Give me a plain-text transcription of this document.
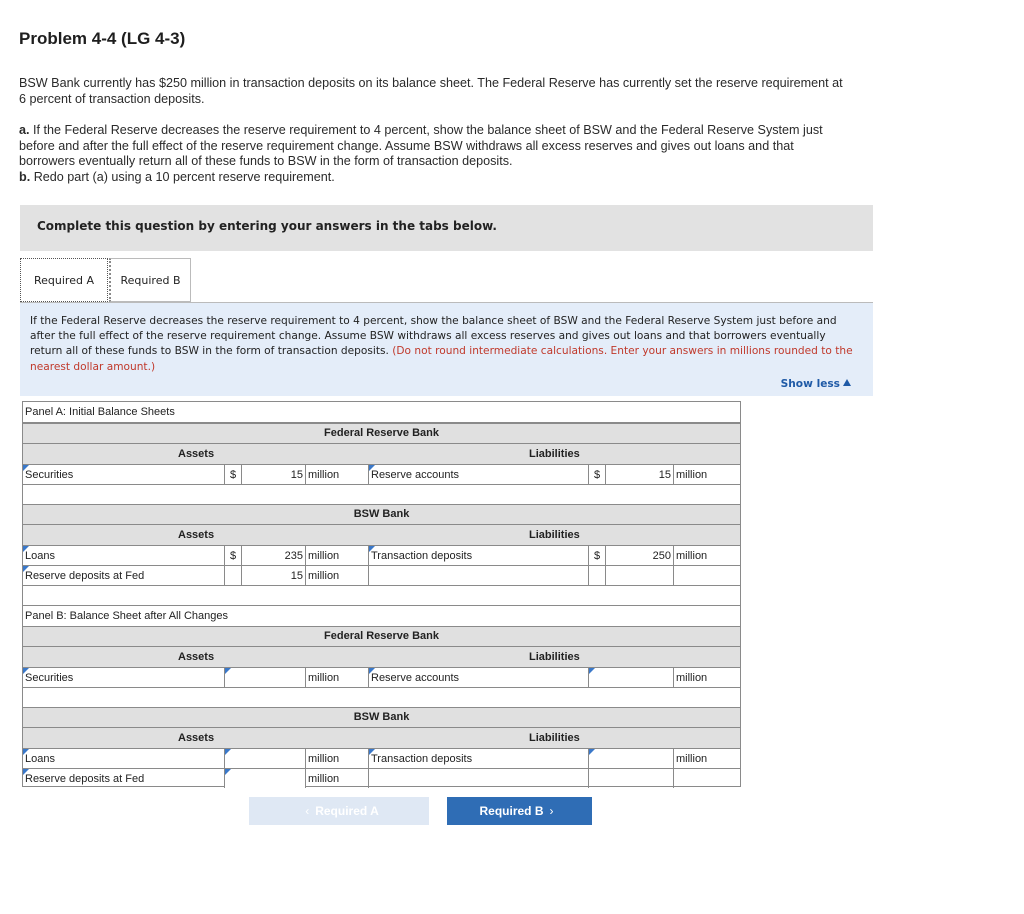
Problem 4-4 (LG 4-3)
BSW Bank currently has $250 million in transaction deposits on its balance sheet. The Federal Reserve has currently set the reserve requirement at 6 percent of transaction deposits.
a. If the Federal Reserve decreases the reserve requirement to 4 percent, show the balance sheet of BSW and the Federal Reserve System just before and after the full effect of the reserve requirement change. Assume BSW withdraws all excess reserves and gives out loans and that borrowers eventually return all of these funds to BSW in the form of transaction deposits.
b. Redo part (a) using a 10 percent reserve requirement.
Complete this question by entering your answers in the tabs below.
Required A	Required B
If the Federal Reserve decreases the reserve requirement to 4 percent, show the balance sheet of BSW and the Federal Reserve System just before and after the full effect of the reserve requirement change. Assume BSW withdraws all excess reserves and gives out loans and that borrowers eventually return all of these funds to BSW in the form of transaction deposits. (Do not round intermediate calculations. Enter your answers in millions rounded to the nearest dollar amount.)
Show less
Panel A: Initial Balance Sheets
Federal Reserve Bank
Assets	Liabilities
Securities	$	15 million	Reserve accounts	$	15 million
BSW Bank
Assets	Liabilities
Loans	$	235 million	Transaction deposits	$	250 million
Reserve deposits at Fed	15 million
Panel B: Balance Sheet after All Changes
Federal Reserve Bank
Assets	Liabilities
Securities	million	Reserve accounts	million
BSW Bank
Assets	Liabilities
Loans	million	Transaction deposits	million
Reserve deposits at Fed	million
‹ Required A	Required B ›
